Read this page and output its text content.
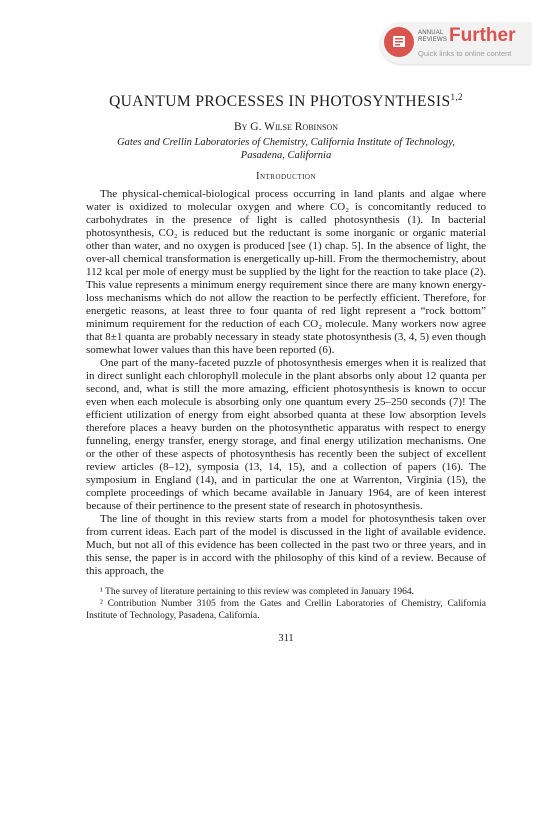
ANNUAL
REVIEWS Further
Quick links to online content
QUANTUM PROCESSES IN PHOTOSYNTHESIS$^{1,2}$
By G. Wilse Robinson
Gates and Crellin Laboratories of Chemistry, California Institute of Technology,
Pasadena, California
Introduction

The physical-chemical-biological process occurring in land plants and algae where water is oxidized to molecular oxygen and where CO₂ is concomitantly reduced to carbohydrates in the presence of light is called photosynthesis (1). In bacterial photosynthesis, CO₂ is reduced but the reductant is some inorganic or organic material other than water, and no oxygen is produced [see (1) chap. 5]. In the absence of light, the over-all chemical transformation is energetically up-hill. From the thermochemistry, about 112 kcal per mole of energy must be supplied by the light for the reaction to take place (2). This value represents a minimum energy requirement since there are many known energy-loss mechanisms which do not allow the reaction to be perfectly efficient. Therefore, for energetic reasons, at least three to four quanta of red light represent a “rock bottom” minimum requirement for the reduction of each CO₂ molecule. Many workers now agree that 8±1 quanta are probably necessary in steady state photosynthesis (3, 4, 5) even though somewhat lower values than this have been reported (6).

One part of the many-faceted puzzle of photosynthesis emerges when it is realized that in direct sunlight each chlorophyll molecule in the plant absorbs only about 12 quanta per second, and, what is still the more amazing, efficient photosynthesis is known to occur even when each molecule is absorbing only one quantum every 25–250 seconds (7)! The efficient utilization of energy from eight absorbed quanta at these low absorption levels therefore places a heavy burden on the photosynthetic apparatus with respect to energy funneling, energy transfer, energy storage, and final energy utilization mechanisms. One or the other of these aspects of photosynthesis has recently been the subject of excellent review articles (8–12), symposia (13, 14, 15), and a collection of papers (16). The symposium in England (14), and in particular the one at Warrenton, Virginia (15), the complete proceedings of which became available in January 1964, are of keen interest because of their pertinence to the present state of research in photosynthesis.

The line of thought in this review starts from a model for photosynthesis taken over from current ideas. Each part of the model is discussed in the light of available evidence. Much, but not all of this evidence has been collected in the past two or three years, and in this sense, the paper is in accord with the philosophy of this kind of a review. Because of this approach, the

¹ The survey of literature pertaining to this review was completed in January 1964.

² Contribution Number 3105 from the Gates and Crellin Laboratories of Chemistry, California Institute of Technology, Pasadena, California.

311
